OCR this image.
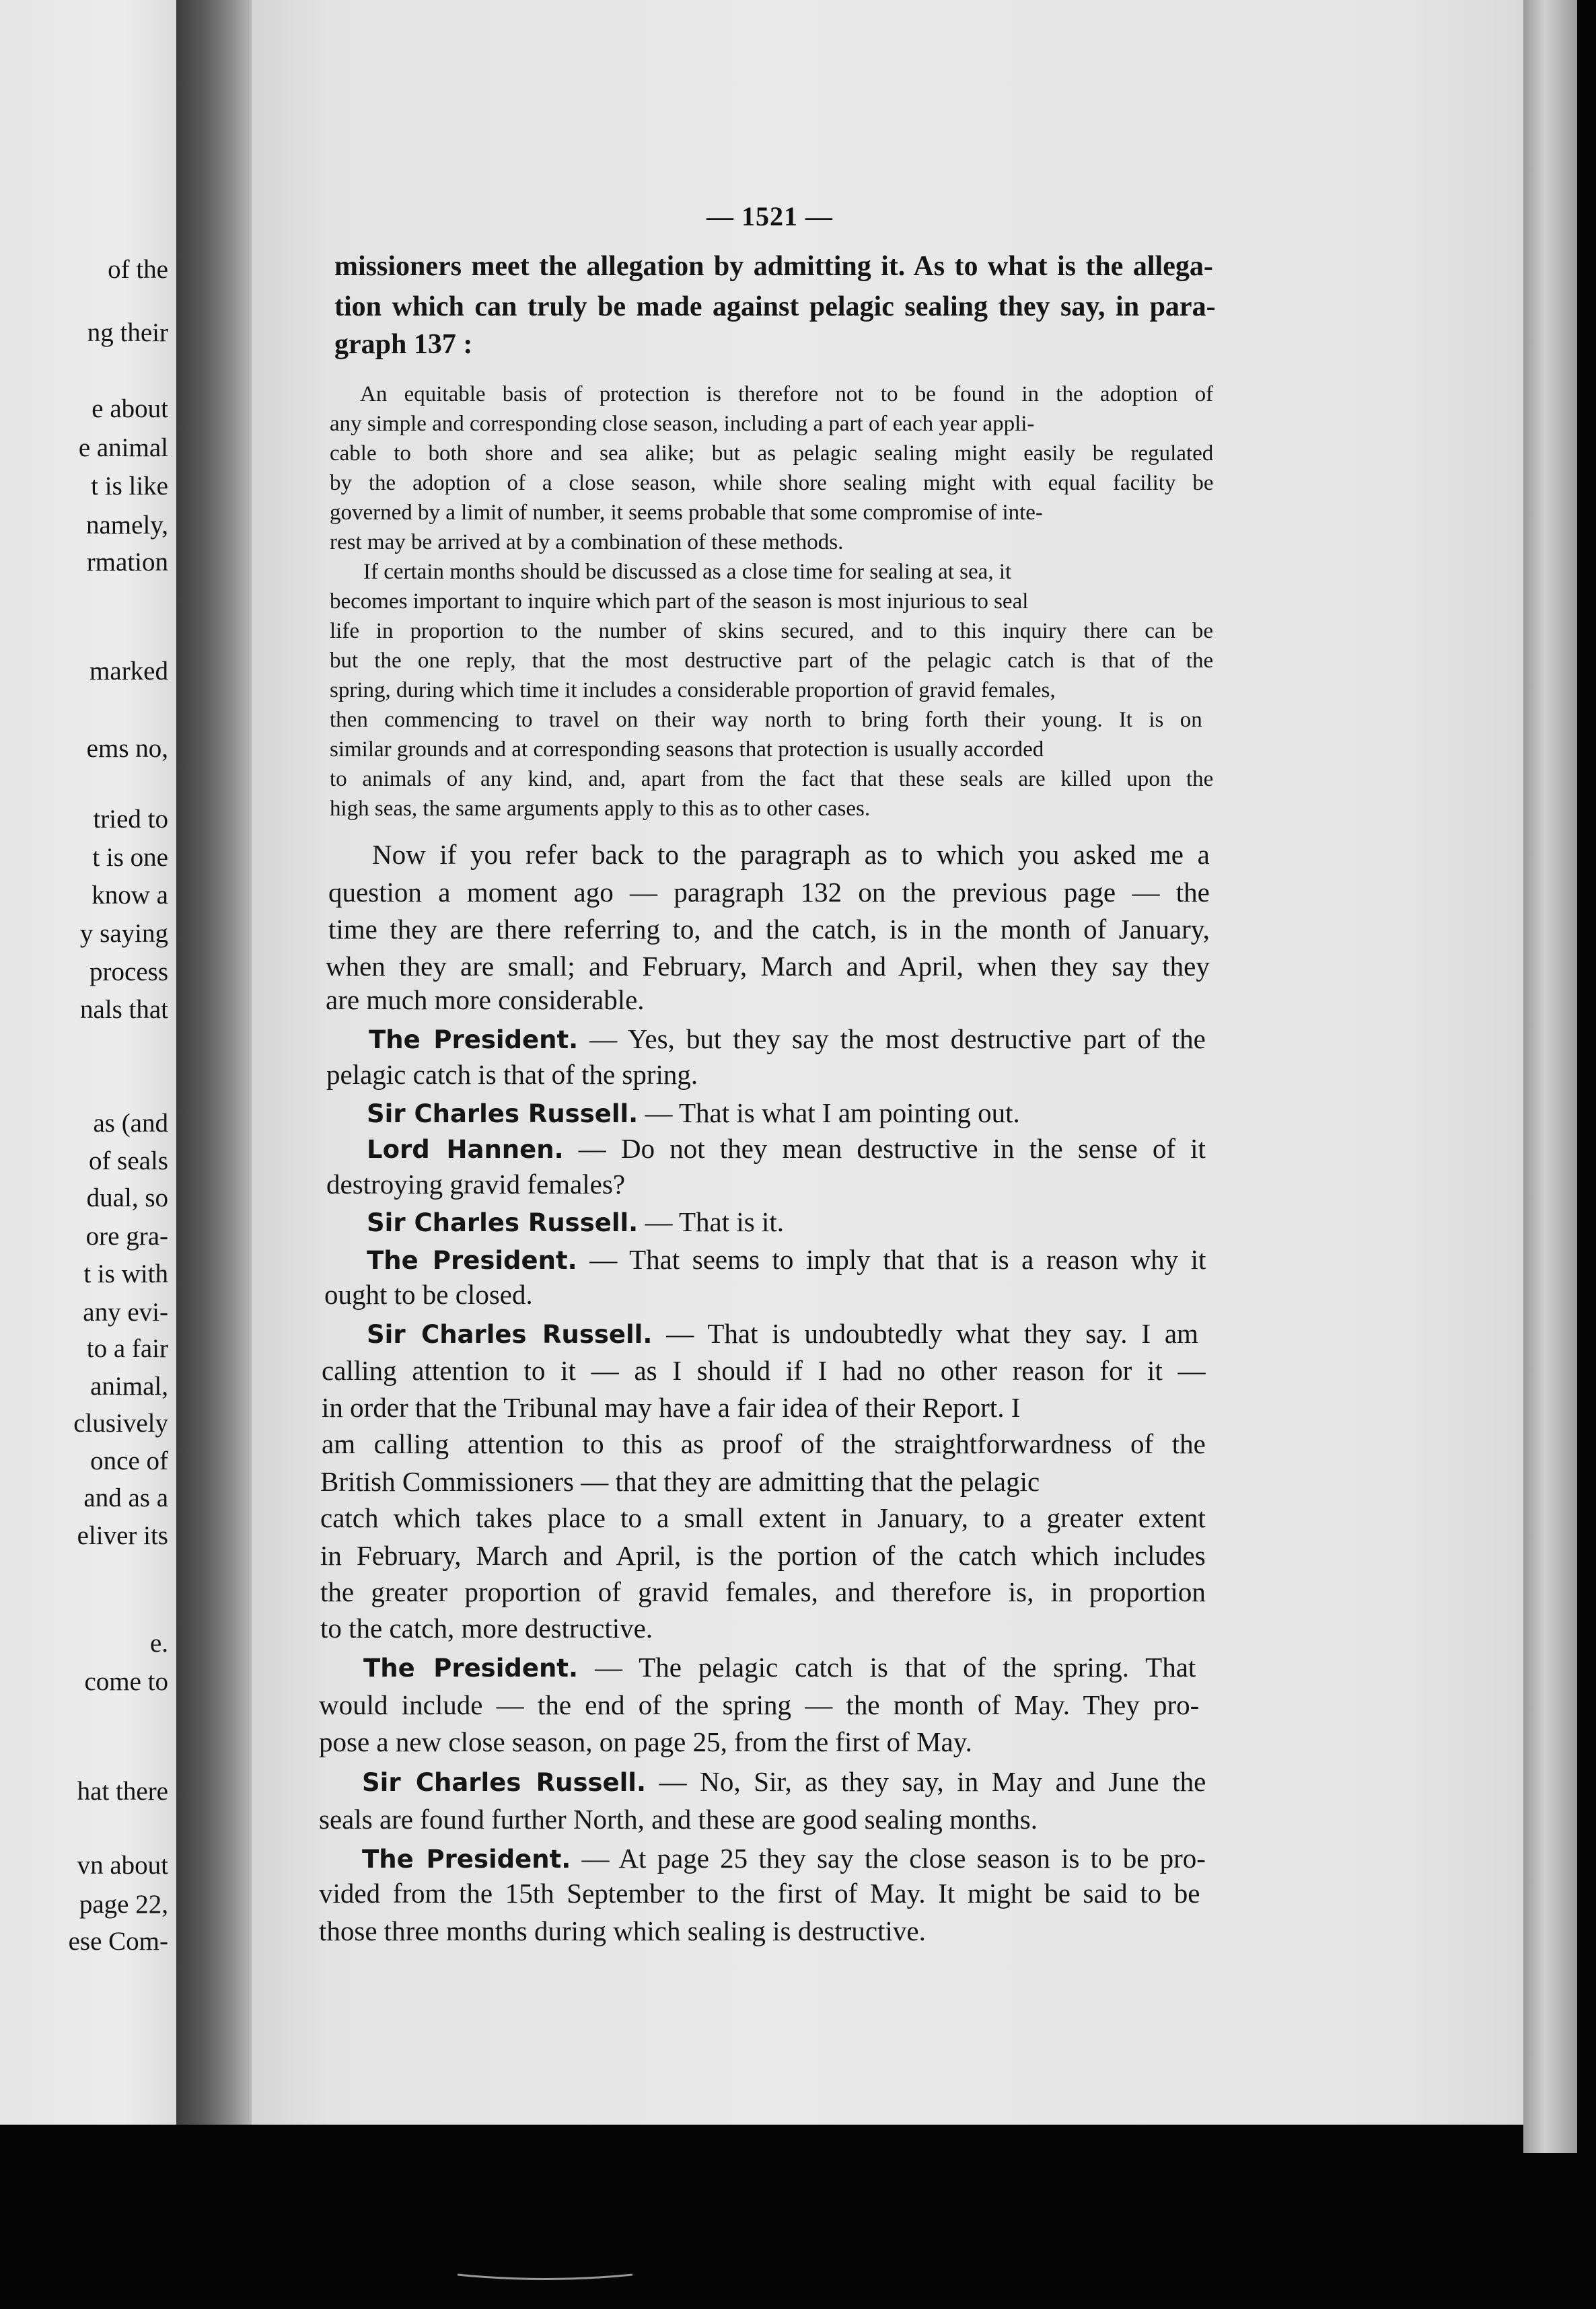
of the
ng their
e about
e animal
t is like
namely,
rmation
marked
ems no,
tried to
t is one
know a
y saying
process
nals that
as (and
of seals
dual, so
ore gra-
t is with
any evi-
to a fair
animal,
clusively
once of
and as a
eliver its
e.
come to
hat there
vn about
page 22,
ese Com-
— 1521 —
missioners meet the allegation by admitting it. As to what is the allega-
tion which can truly be made against pelagic sealing they say, in para-
graph 137 :
An equitable basis of protection is therefore not to be found in the adoption of
any simple and corresponding close season, including a part of each year appli-
cable to both shore and sea alike; but as pelagic sealing might easily be regulated
by the adoption of a close season, while shore sealing might with equal facility be
governed by a limit of number, it seems probable that some compromise of inte-
rest may be arrived at by a combination of these methods.
If certain months should be discussed as a close time for sealing at sea, it
becomes important to inquire which part of the season is most injurious to seal
life in proportion to the number of skins secured, and to this inquiry there can be
but the one reply, that the most destructive part of the pelagic catch is that of the
spring, during which time it includes a considerable proportion of gravid females,
then commencing to travel on their way north to bring forth their young. It is on
similar grounds and at corresponding seasons that protection is usually accorded
to animals of any kind, and, apart from the fact that these seals are killed upon the
high seas, the same arguments apply to this as to other cases.
Now if you refer back to the paragraph as to which you asked me a
question a moment ago — paragraph 132 on the previous page — the
time they are there referring to, and the catch, is in the month of January,
when they are small; and February, March and April, when they say they
are much more considerable.
The President. — Yes, but they say the most destructive part of the
pelagic catch is that of the spring.
Sir Charles Russell. — That is what I am pointing out.
Lord Hannen. — Do not they mean destructive in the sense of it
destroying gravid females?
Sir Charles Russell. — That is it.
The President. — That seems to imply that that is a reason why it
ought to be closed.
Sir Charles Russell. — That is undoubtedly what they say. I am
calling attention to it — as I should if I had no other reason for it —
in order that the Tribunal may have a fair idea of their Report. I
am calling attention to this as proof of the straightforwardness of the
British Commissioners — that they are admitting that the pelagic
catch which takes place to a small extent in January, to a greater extent
in February, March and April, is the portion of the catch which includes
the greater proportion of gravid females, and therefore is, in proportion
to the catch, more destructive.
The President. — The pelagic catch is that of the spring. That
would include — the end of the spring — the month of May. They pro-
pose a new close season, on page 25, from the first of May.
Sir Charles Russell. — No, Sir, as they say, in May and June the
seals are found further North, and these are good sealing months.
The President. — At page 25 they say the close season is to be pro-
vided from the 15th September to the first of May. It might be said to be
those three months during which sealing is destructive.
